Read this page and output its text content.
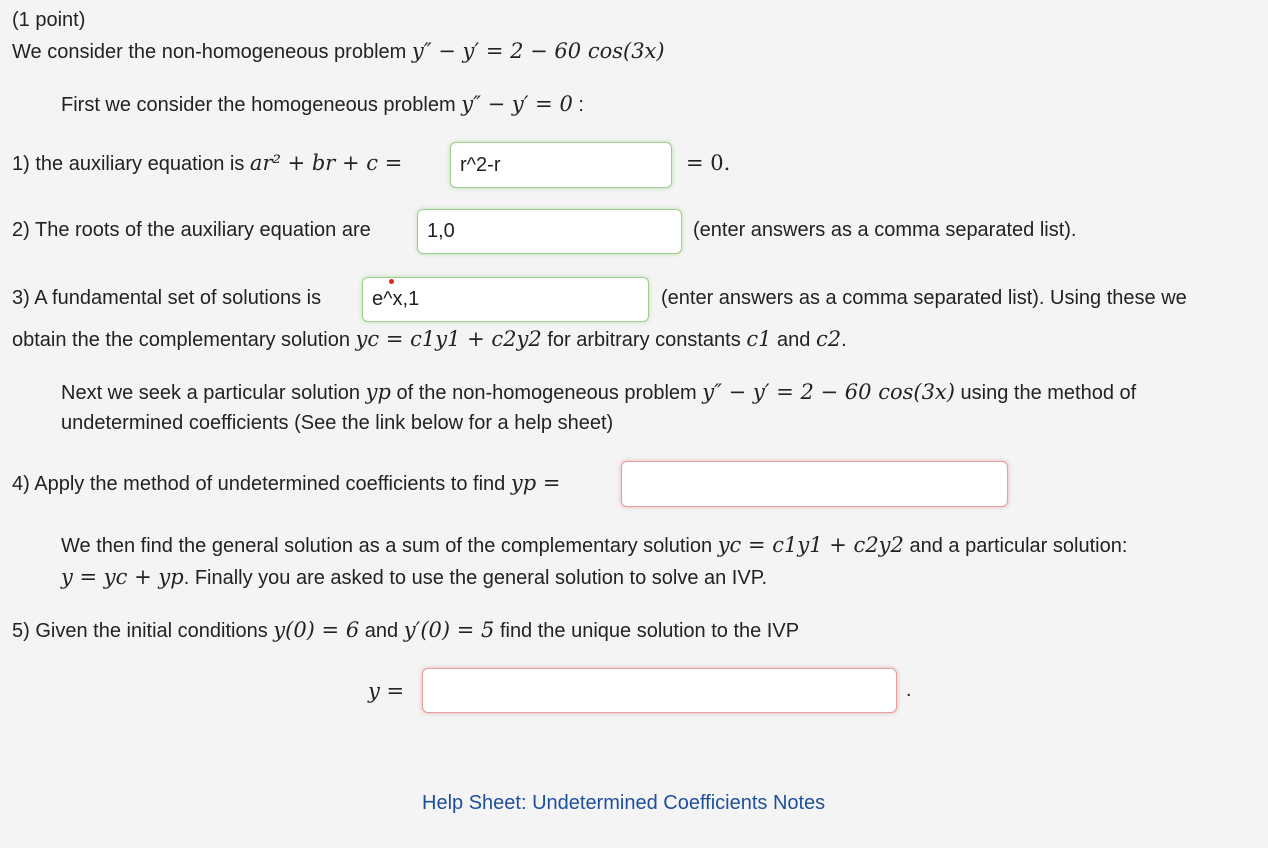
(1 point)
We consider the non-homogeneous problem y″ − y′ = 2 − 60 cos(3x)
First we consider the homogeneous problem y″ − y′ = 0 :
1) the auxiliary equation is ar² + br + c =
r^2-r	= 0.
2) The roots of the auxiliary equation are
1,0	(enter answers as a comma separated list).
3) A fundamental set of solutions is
e^x,1	(enter answers as a comma separated list). Using these we
obtain the the complementary solution yc = c1y1 + c2y2 for arbitrary constants c1 and c2.
Next we seek a particular solution yp of the non-homogeneous problem y″ − y′ = 2 − 60 cos(3x) using the method of
undetermined coefficients (See the link below for a help sheet)
4) Apply the method of undetermined coefficients to find yp =
We then find the general solution as a sum of the complementary solution yc = c1y1 + c2y2 and a particular solution:
y = yc + yp. Finally you are asked to use the general solution to solve an IVP.
5) Given the initial conditions y(0) = 6 and y′(0) = 5 find the unique solution to the IVP
y =	.
Help Sheet: Undetermined Coefficients Notes
